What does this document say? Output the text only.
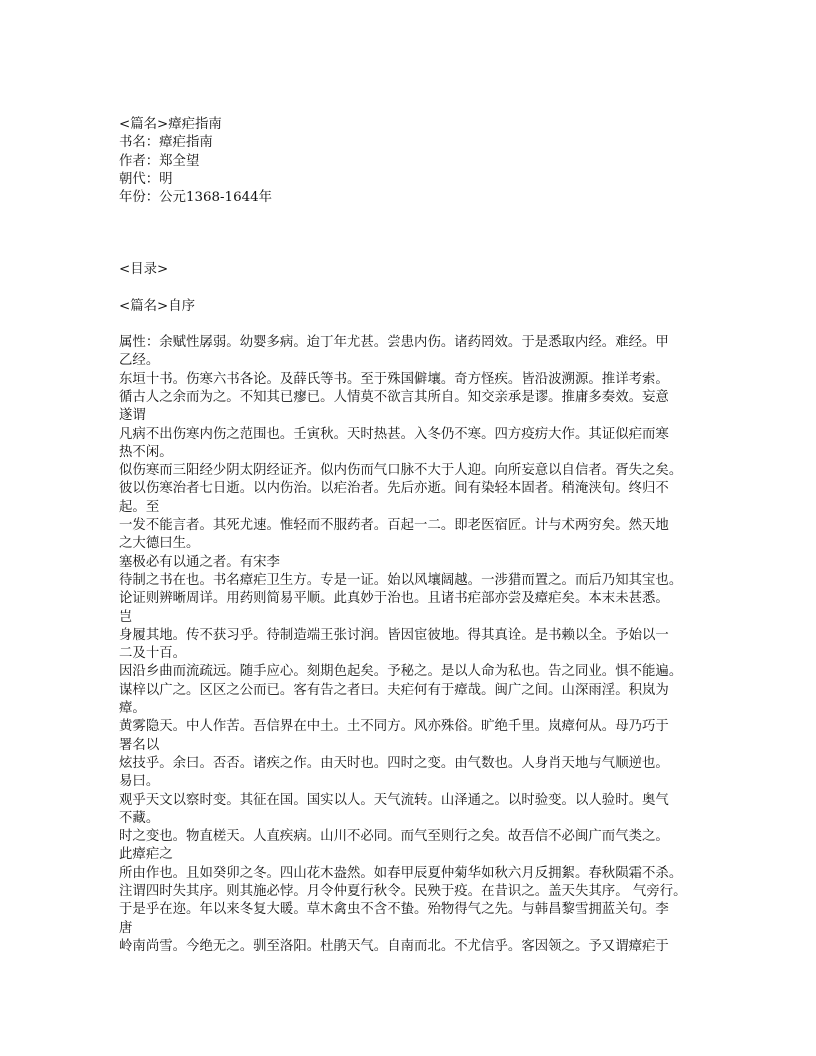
<篇名>瘴疟指南
书名：瘴疟指南
作者：郑全望
朝代：明
年份：公元1368-1644年
<目录>
<篇名>自序
属性：余赋性孱弱。幼婴多病。迨丁年尤甚。尝患内伤。诸药罔效。于是悉取内经。难经。甲
乙经。
东垣十书。伤寒六书各论。及薛氏等书。至于殊国僻壤。奇方怪疾。皆沿波溯源。推详考索。
循古人之余而为之。不知其已瘳已。人情莫不欲言其所自。知交亲承是谬。推庸多奏效。妄意
遂谓
凡病不出伤寒内伤之范围也。壬寅秋。天时热甚。入冬仍不寒。四方疫疠大作。其证似疟而寒
热不闲。
似伤寒而三阳经少阴太阴经证齐。似内伤而气口脉不大于人迎。向所妄意以自信者。胥失之矣。
彼以伤寒治者七日逝。以内伤治。以疟治者。先后亦逝。间有染轻本固者。稍淹浃旬。终归不
起。至
一发不能言者。其死尤速。惟轻而不服药者。百起一二。即老医宿匠。计与术两穷矣。然天地
之大德曰生。
塞极必有以通之者。有宋李
待制之书在也。书名瘴疟卫生方。专是一证。始以风壤阔越。一涉猎而置之。而后乃知其宝也。
论证则辨晰周详。用药则简易平顺。此真妙于治也。且诸书疟部亦尝及瘴疟矣。本末未甚悉。
岂
身履其地。传不获习乎。待制造端王张讨润。皆因宦彼地。得其真诠。是书赖以全。予始以一
二及十百。
因沿乡曲而流疏远。随手应心。刻期色起矣。予秘之。是以人命为私也。告之同业。惧不能遍。
谋梓以广之。区区之公而已。客有告之者曰。夫疟何有于瘴哉。闽广之间。山深雨淫。积岚为
瘴。
黄雾隐天。中人作苦。吾信界在中土。土不同方。风亦殊俗。旷绝千里。岚瘴何从。母乃巧于
署名以
炫技乎。余曰。否否。诸疾之作。由天时也。四时之变。由气数也。人身肖天地与气顺逆也。
易曰。
观乎天文以察时变。其征在国。国实以人。天气流转。山泽通之。以时验变。以人验时。奥气
不藏。
时之变也。物直槎天。人直疾病。山川不必同。而气至则行之矣。故吾信不必闽广而气类之。
此瘴疟之
所由作也。且如癸卯之冬。四山花木盎然。如春甲辰夏仲菊华如秋六月反拥絮。春秋陨霜不杀。
注谓四时失其序。则其施必悖。月令仲夏行秋令。民殃于疫。在昔识之。盖天失其序。 气旁行。
于是乎在迩。年以来冬复大暖。草木禽虫不含不蛰。殆物得气之先。与韩昌黎雪拥蓝关句。李
唐
岭南尚雪。今绝无之。驯至洛阳。杜鹃天气。自南而北。不尤信乎。客因领之。予又谓瘴疟于
